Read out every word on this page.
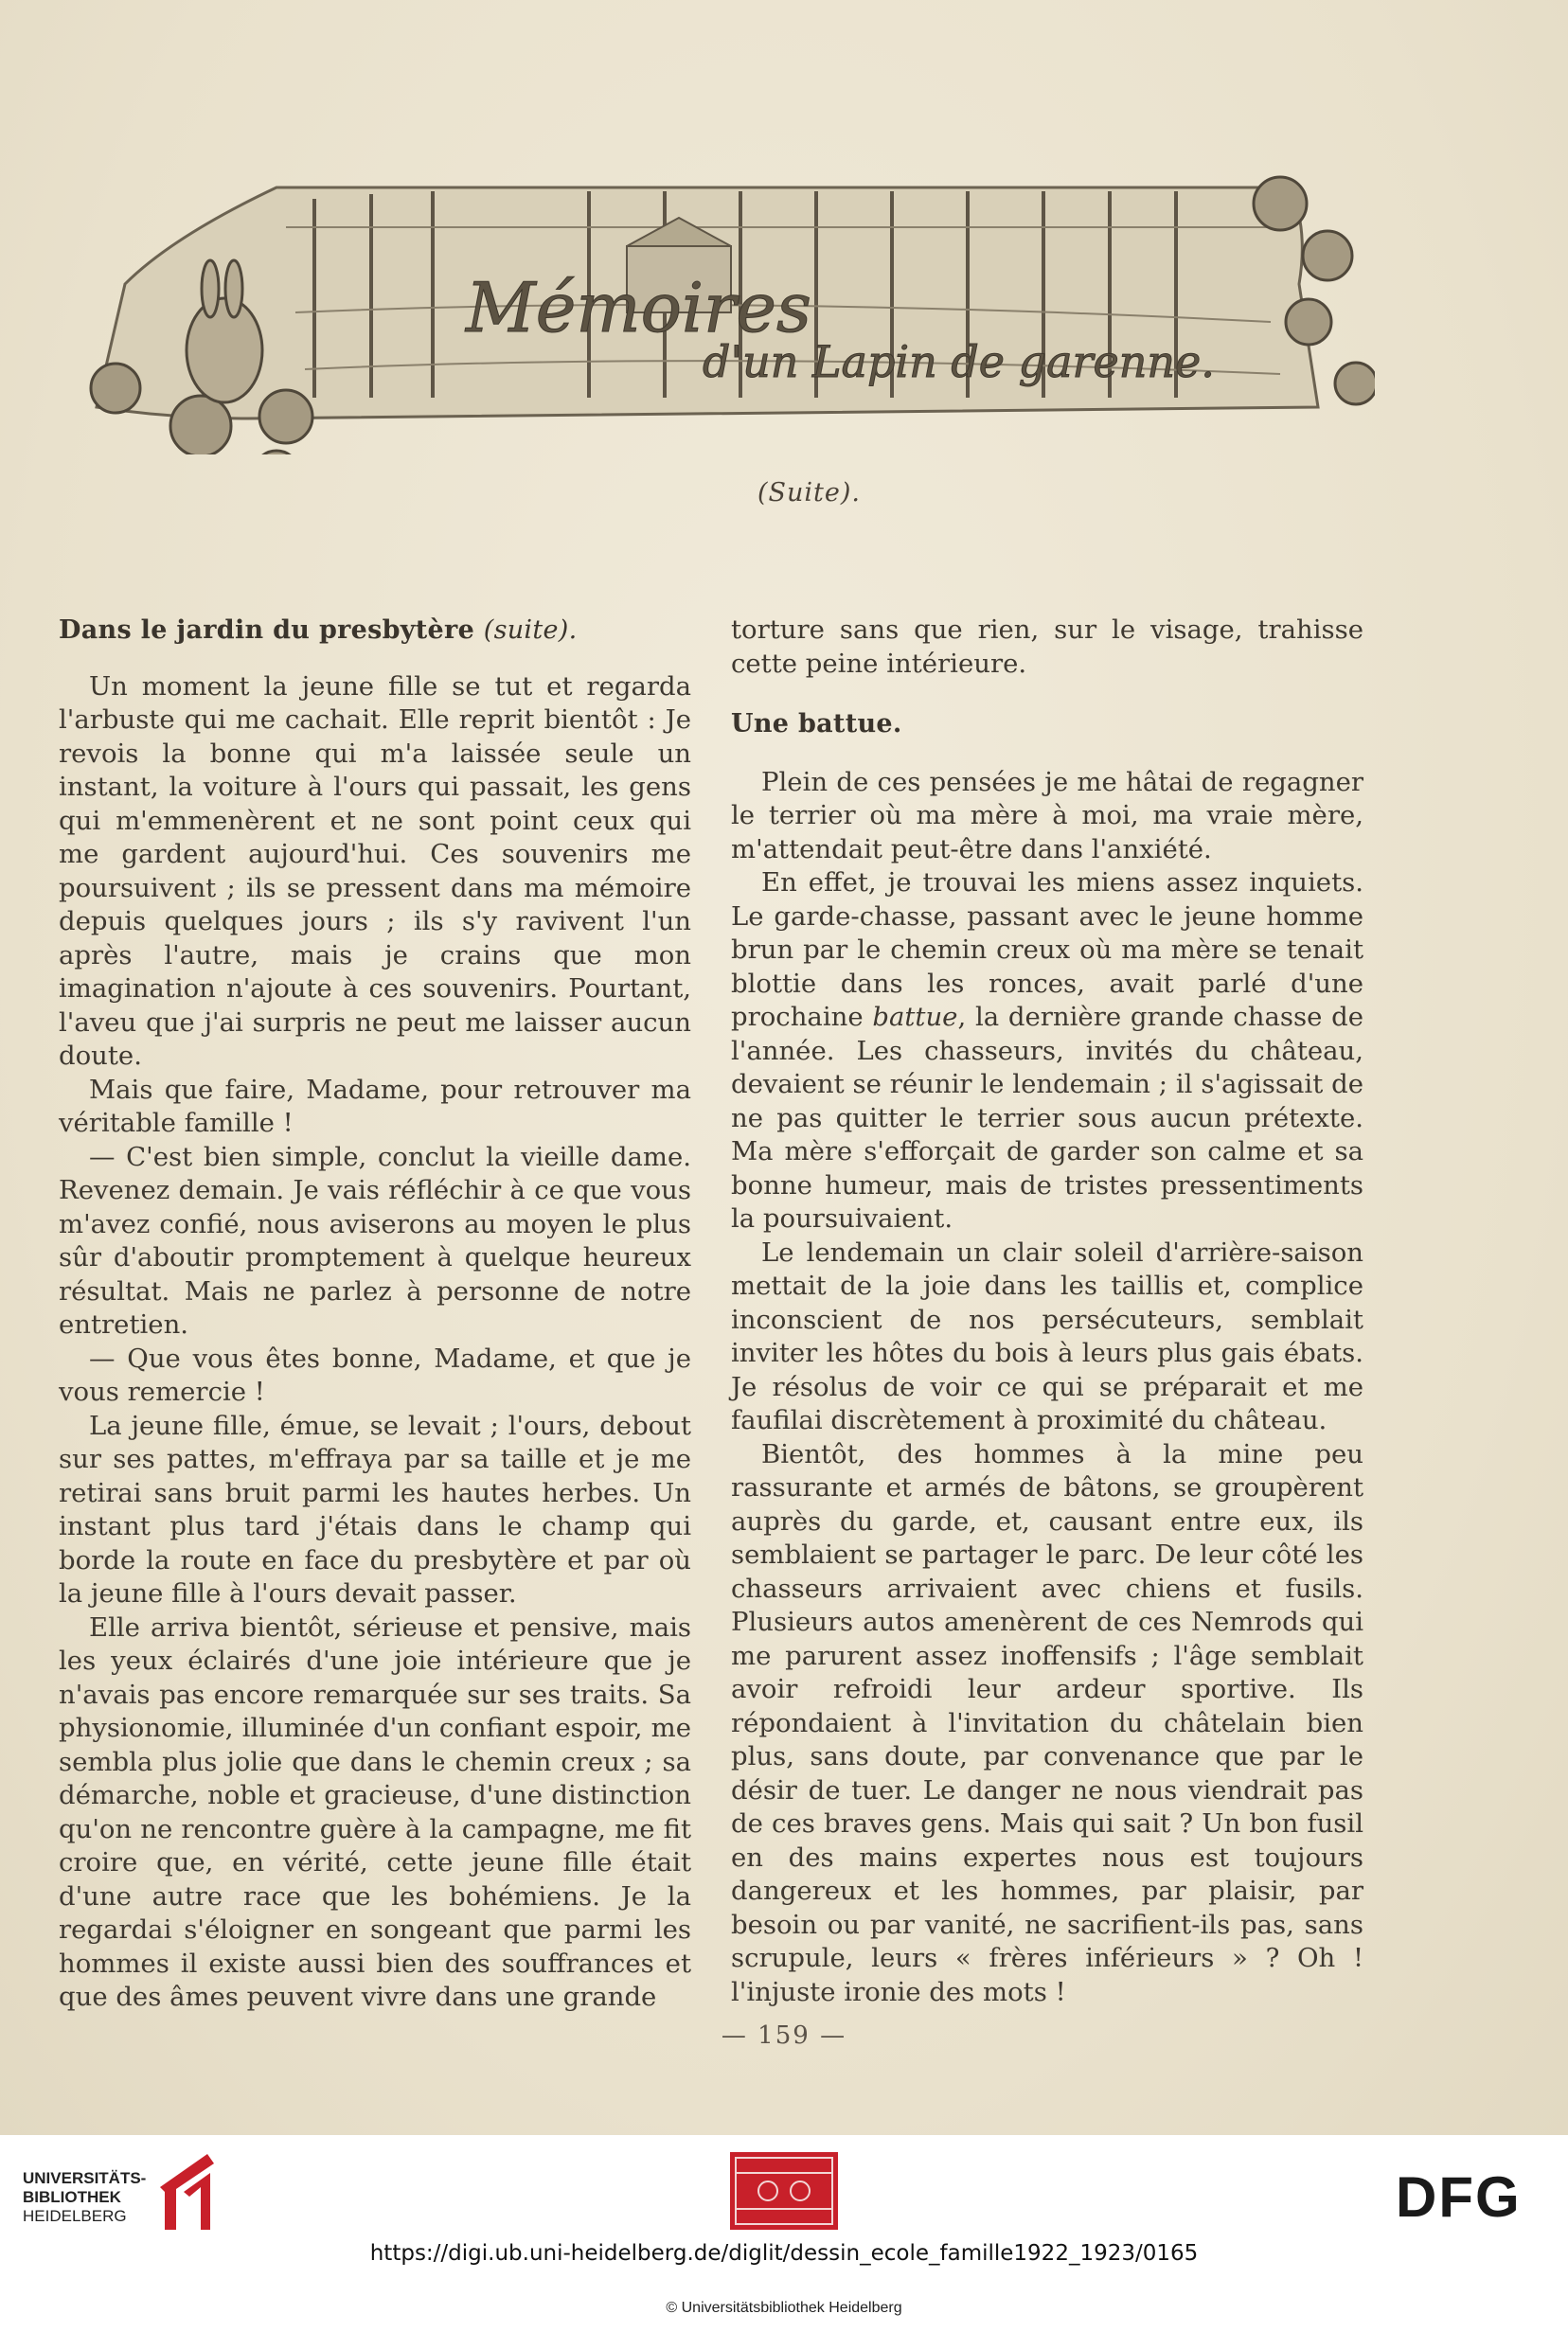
Mémoires
d'un Lapin de garenne.
(Suite).
Dans le jardin du presbytère (suite).

Un moment la jeune fille se tut et regarda l'arbuste qui me cachait. Elle reprit bientôt : Je revois la bonne qui m'a laissée seule un instant, la voiture à l'ours qui passait, les gens qui m'emmenèrent et ne sont point ceux qui me gardent aujourd'hui. Ces souvenirs me poursuivent ; ils se pressent dans ma mémoire depuis quelques jours ; ils s'y ravivent l'un après l'autre, mais je crains que mon imagination n'ajoute à ces souvenirs. Pourtant, l'aveu que j'ai surpris ne peut me laisser aucun doute.

Mais que faire, Madame, pour retrouver ma véritable famille !

— C'est bien simple, conclut la vieille dame. Revenez demain. Je vais réfléchir à ce que vous m'avez confié, nous aviserons au moyen le plus sûr d'aboutir promptement à quelque heureux résultat. Mais ne parlez à personne de notre entretien.

— Que vous êtes bonne, Madame, et que je vous remercie !

La jeune fille, émue, se levait ; l'ours, debout sur ses pattes, m'effraya par sa taille et je me retirai sans bruit parmi les hautes herbes. Un instant plus tard j'étais dans le champ qui borde la route en face du presbytère et par où la jeune fille à l'ours devait passer.

Elle arriva bientôt, sérieuse et pensive, mais les yeux éclairés d'une joie intérieure que je n'avais pas encore remarquée sur ses traits. Sa physionomie, illuminée d'un confiant espoir, me sembla plus jolie que dans le chemin creux ; sa démarche, noble et gracieuse, d'une distinction qu'on ne rencontre guère à la campagne, me fit croire que, en vérité, cette jeune fille était d'une autre race que les bohémiens. Je la regardai s'éloigner en songeant que parmi les hommes il existe aussi bien des souffrances et que des âmes peuvent vivre dans une grande

torture sans que rien, sur le visage, trahisse cette peine intérieure.

Une battue.

Plein de ces pensées je me hâtai de regagner le terrier où ma mère à moi, ma vraie mère, m'attendait peut-être dans l'anxiété.

En effet, je trouvai les miens assez inquiets. Le garde-chasse, passant avec le jeune homme brun par le chemin creux où ma mère se tenait blottie dans les ronces, avait parlé d'une prochaine battue, la dernière grande chasse de l'année. Les chasseurs, invités du château, devaient se réunir le lendemain ; il s'agissait de ne pas quitter le terrier sous aucun prétexte. Ma mère s'efforçait de garder son calme et sa bonne humeur, mais de tristes pressentiments la poursuivaient.

Le lendemain un clair soleil d'arrière-saison mettait de la joie dans les taillis et, complice inconscient de nos persécuteurs, semblait inviter les hôtes du bois à leurs plus gais ébats. Je résolus de voir ce qui se préparait et me faufilai discrètement à proximité du château.

Bientôt, des hommes à la mine peu rassurante et armés de bâtons, se groupèrent auprès du garde, et, causant entre eux, ils semblaient se partager le parc. De leur côté les chasseurs arrivaient avec chiens et fusils. Plusieurs autos amenèrent de ces Nemrods qui me parurent assez inoffensifs ; l'âge semblait avoir refroidi leur ardeur sportive. Ils répondaient à l'invitation du châtelain bien plus, sans doute, par convenance que par le désir de tuer. Le danger ne nous viendrait pas de ces braves gens. Mais qui sait ? Un bon fusil en des mains expertes nous est toujours dangereux et les hommes, par plaisir, par besoin ou par vanité, ne sacrifient-ils pas, sans scrupule, leurs « frères inférieurs » ? Oh ! l'injuste ironie des mots !

— 159 —
UNIVERSITÄTS-
BIBLIOTHEK
HEIDELBERG	DFG
https://digi.ub.uni-heidelberg.de/diglit/dessin_ecole_famille1922_1923/0165
© Universitätsbibliothek Heidelberg
